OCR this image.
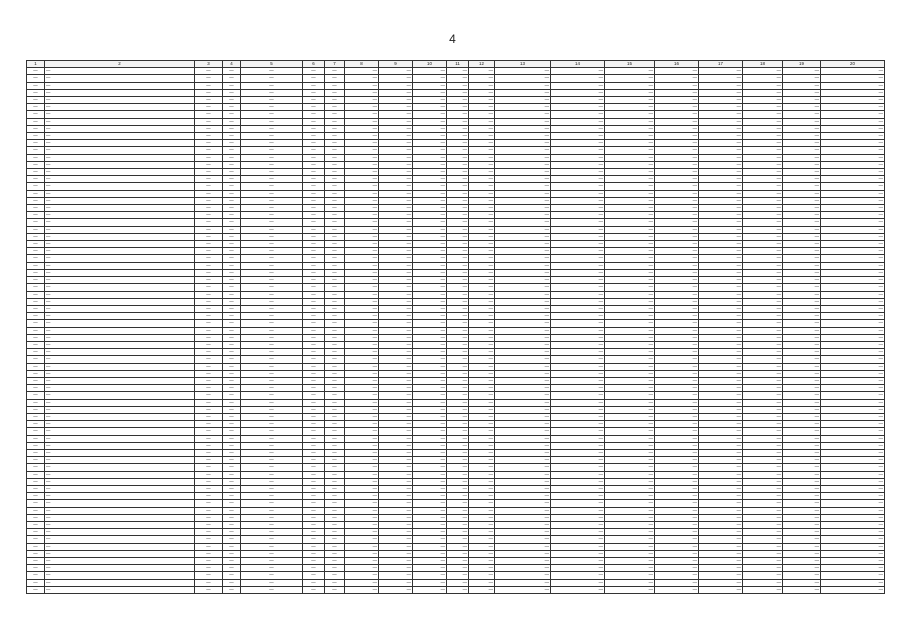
4
1	2	3	4	5	6	7	8	9	10	11	12	13	14	15	16	17	18	19	20
—	—	—	—	—	—	—	—	—	—	—	—	—	—	—	—	—	—	—	—
—	—	—	—	—	—	—	—	—	—	—	—	—	—	—	—	—	—	—	—
—	—	—	—	—	—	—	—	—	—	—	—	—	—	—	—	—	—	—	—
—	—	—	—	—	—	—	—	—	—	—	—	—	—	—	—	—	—	—	—
—	—	—	—	—	—	—	—	—	—	—	—	—	—	—	—	—	—	—	—
—	—	—	—	—	—	—	—	—	—	—	—	—	—	—	—	—	—	—	—
—	—	—	—	—	—	—	—	—	—	—	—	—	—	—	—	—	—	—	—
—	—	—	—	—	—	—	—	—	—	—	—	—	—	—	—	—	—	—	—
—	—	—	—	—	—	—	—	—	—	—	—	—	—	—	—	—	—	—	—
—	—	—	—	—	—	—	—	—	—	—	—	—	—	—	—	—	—	—	—
—	—	—	—	—	—	—	—	—	—	—	—	—	—	—	—	—	—	—	—
—	—	—	—	—	—	—	—	—	—	—	—	—	—	—	—	—	—	—	—
—	—	—	—	—	—	—	—	—	—	—	—	—	—	—	—	—	—	—	—
—	—	—	—	—	—	—	—	—	—	—	—	—	—	—	—	—	—	—	—
—	—	—	—	—	—	—	—	—	—	—	—	—	—	—	—	—	—	—	—
—	—	—	—	—	—	—	—	—	—	—	—	—	—	—	—	—	—	—	—
—	—	—	—	—	—	—	—	—	—	—	—	—	—	—	—	—	—	—	—
—	—	—	—	—	—	—	—	—	—	—	—	—	—	—	—	—	—	—	—
—	—	—	—	—	—	—	—	—	—	—	—	—	—	—	—	—	—	—	—
—	—	—	—	—	—	—	—	—	—	—	—	—	—	—	—	—	—	—	—
—	—	—	—	—	—	—	—	—	—	—	—	—	—	—	—	—	—	—	—
—	—	—	—	—	—	—	—	—	—	—	—	—	—	—	—	—	—	—	—
—	—	—	—	—	—	—	—	—	—	—	—	—	—	—	—	—	—	—	—
—	—	—	—	—	—	—	—	—	—	—	—	—	—	—	—	—	—	—	—
—	—	—	—	—	—	—	—	—	—	—	—	—	—	—	—	—	—	—	—
—	—	—	—	—	—	—	—	—	—	—	—	—	—	—	—	—	—	—	—
—	—	—	—	—	—	—	—	—	—	—	—	—	—	—	—	—	—	—	—
—	—	—	—	—	—	—	—	—	—	—	—	—	—	—	—	—	—	—	—
—	—	—	—	—	—	—	—	—	—	—	—	—	—	—	—	—	—	—	—
—	—	—	—	—	—	—	—	—	—	—	—	—	—	—	—	—	—	—	—
—	—	—	—	—	—	—	—	—	—	—	—	—	—	—	—	—	—	—	—
—	—	—	—	—	—	—	—	—	—	—	—	—	—	—	—	—	—	—	—
—	—	—	—	—	—	—	—	—	—	—	—	—	—	—	—	—	—	—	—
—	—	—	—	—	—	—	—	—	—	—	—	—	—	—	—	—	—	—	—
—	—	—	—	—	—	—	—	—	—	—	—	—	—	—	—	—	—	—	—
—	—	—	—	—	—	—	—	—	—	—	—	—	—	—	—	—	—	—	—
—	—	—	—	—	—	—	—	—	—	—	—	—	—	—	—	—	—	—	—
—	—	—	—	—	—	—	—	—	—	—	—	—	—	—	—	—	—	—	—
—	—	—	—	—	—	—	—	—	—	—	—	—	—	—	—	—	—	—	—
—	—	—	—	—	—	—	—	—	—	—	—	—	—	—	—	—	—	—	—
—	—	—	—	—	—	—	—	—	—	—	—	—	—	—	—	—	—	—	—
—	—	—	—	—	—	—	—	—	—	—	—	—	—	—	—	—	—	—	—
—	—	—	—	—	—	—	—	—	—	—	—	—	—	—	—	—	—	—	—
—	—	—	—	—	—	—	—	—	—	—	—	—	—	—	—	—	—	—	—
—	—	—	—	—	—	—	—	—	—	—	—	—	—	—	—	—	—	—	—
—	—	—	—	—	—	—	—	—	—	—	—	—	—	—	—	—	—	—	—
—	—	—	—	—	—	—	—	—	—	—	—	—	—	—	—	—	—	—	—
—	—	—	—	—	—	—	—	—	—	—	—	—	—	—	—	—	—	—	—
—	—	—	—	—	—	—	—	—	—	—	—	—	—	—	—	—	—	—	—
—	—	—	—	—	—	—	—	—	—	—	—	—	—	—	—	—	—	—	—
—	—	—	—	—	—	—	—	—	—	—	—	—	—	—	—	—	—	—	—
—	—	—	—	—	—	—	—	—	—	—	—	—	—	—	—	—	—	—	—
—	—	—	—	—	—	—	—	—	—	—	—	—	—	—	—	—	—	—	—
—	—	—	—	—	—	—	—	—	—	—	—	—	—	—	—	—	—	—	—
—	—	—	—	—	—	—	—	—	—	—	—	—	—	—	—	—	—	—	—
—	—	—	—	—	—	—	—	—	—	—	—	—	—	—	—	—	—	—	—
—	—	—	—	—	—	—	—	—	—	—	—	—	—	—	—	—	—	—	—
—	—	—	—	—	—	—	—	—	—	—	—	—	—	—	—	—	—	—	—
—	—	—	—	—	—	—	—	—	—	—	—	—	—	—	—	—	—	—	—
—	—	—	—	—	—	—	—	—	—	—	—	—	—	—	—	—	—	—	—
—	—	—	—	—	—	—	—	—	—	—	—	—	—	—	—	—	—	—	—
—	—	—	—	—	—	—	—	—	—	—	—	—	—	—	—	—	—	—	—
—	—	—	—	—	—	—	—	—	—	—	—	—	—	—	—	—	—	—	—
—	—	—	—	—	—	—	—	—	—	—	—	—	—	—	—	—	—	—	—
—	—	—	—	—	—	—	—	—	—	—	—	—	—	—	—	—	—	—	—
—	—	—	—	—	—	—	—	—	—	—	—	—	—	—	—	—	—	—	—
—	—	—	—	—	—	—	—	—	—	—	—	—	—	—	—	—	—	—	—
—	—	—	—	—	—	—	—	—	—	—	—	—	—	—	—	—	—	—	—
—	—	—	—	—	—	—	—	—	—	—	—	—	—	—	—	—	—	—	—
—	—	—	—	—	—	—	—	—	—	—	—	—	—	—	—	—	—	—	—
—	—	—	—	—	—	—	—	—	—	—	—	—	—	—	—	—	—	—	—
—	—	—	—	—	—	—	—	—	—	—	—	—	—	—	—	—	—	—	—
—	—	—	—	—	—	—	—	—	—	—	—	—	—	—	—	—	—	—	—
